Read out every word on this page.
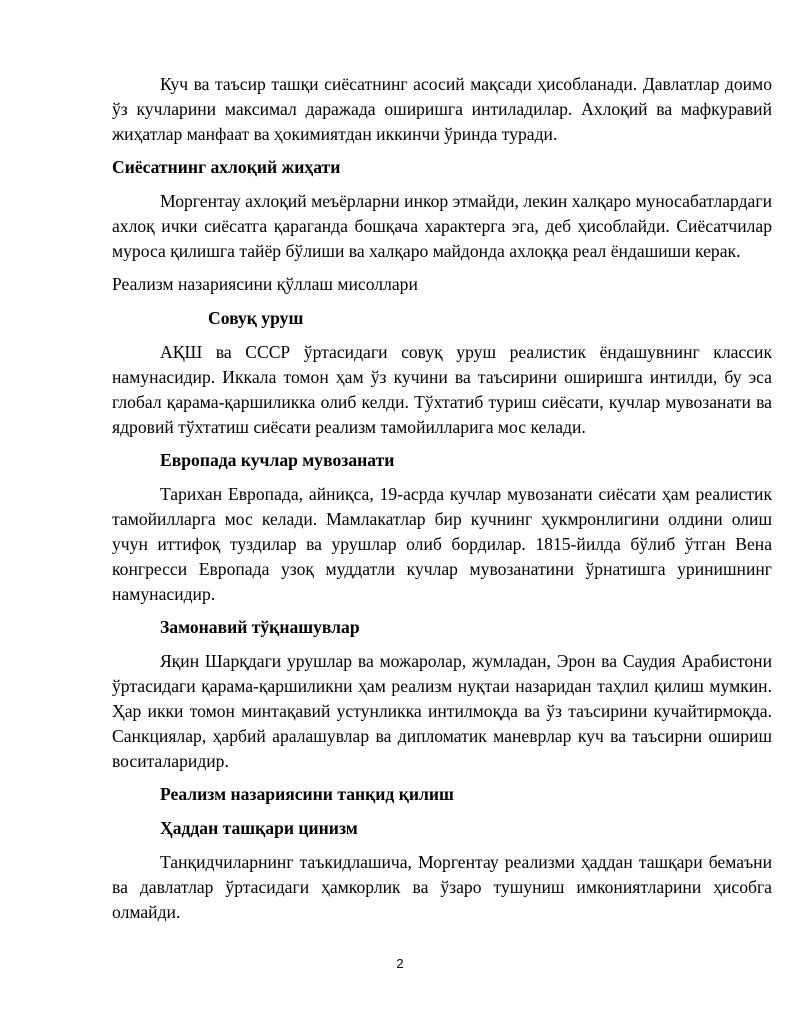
Куч ва таъсир ташқи сиёсатнинг асосий мақсади ҳисобланади. Давлатлар доимо ўз кучларини максимал даражада оширишга интиладилар. Ахлоқий ва мафкуравий жиҳатлар манфаат ва ҳокимиятдан иккинчи ўринда туради.

Сиёсатнинг ахлоқий жиҳати

Моргентау ахлоқий меъёрларни инкор этмайди, лекин халқаро муносабатлардаги ахлоқ ички сиёсатга қараганда бошқача характерга эга, деб ҳисоблайди. Сиёсатчилар муроса қилишга тайёр бўлиши ва халқаро майдонда ахлоққа реал ёндашиши керак.

Реализм назариясини қўллаш мисоллари
Совуқ уруш

АҚШ ва СССР ўртасидаги совуқ уруш реалистик ёндашувнинг классик намунасидир. Иккала томон ҳам ўз кучини ва таъсирини оширишга интилди, бу эса глобал қарама-қаршиликка олиб келди. Тўхтатиб туриш сиёсати, кучлар мувозанати ва ядровий тўхтатиш сиёсати реализм тамойилларига мос келади.

Европада кучлар мувозанати

Тарихан Европада, айниқса, 19-асрда кучлар мувозанати сиёсати ҳам реалистик тамойилларга мос келади. Мамлакатлар бир кучнинг ҳукмронлигини олдини олиш учун иттифоқ туздилар ва урушлар олиб бордилар. 1815-йилда бўлиб ўтган Вена конгресси Европада узоқ муддатли кучлар мувозанатини ўрнатишга уринишнинг намунасидир.

Замонавий тўқнашувлар

Яқин Шарқдаги урушлар ва можаролар, жумладан, Эрон ва Саудия Арабистони ўртасидаги қарама-қаршиликни ҳам реализм нуқтаи назаридан таҳлил қилиш мумкин. Ҳар икки томон минтақавий устунликка интилмоқда ва ўз таъсирини кучайтирмоқда. Санкциялар, ҳарбий аралашувлар ва дипломатик маневрлар куч ва таъсирни ошириш воситаларидир.

Реализм назариясини танқид қилиш
Ҳаддан ташқари цинизм

Танқидчиларнинг таъкидлашича, Моргентау реализми ҳаддан ташқари бемаъни ва давлатлар ўртасидаги ҳамкорлик ва ўзаро тушуниш имкониятларини ҳисобга олмайди.

2
